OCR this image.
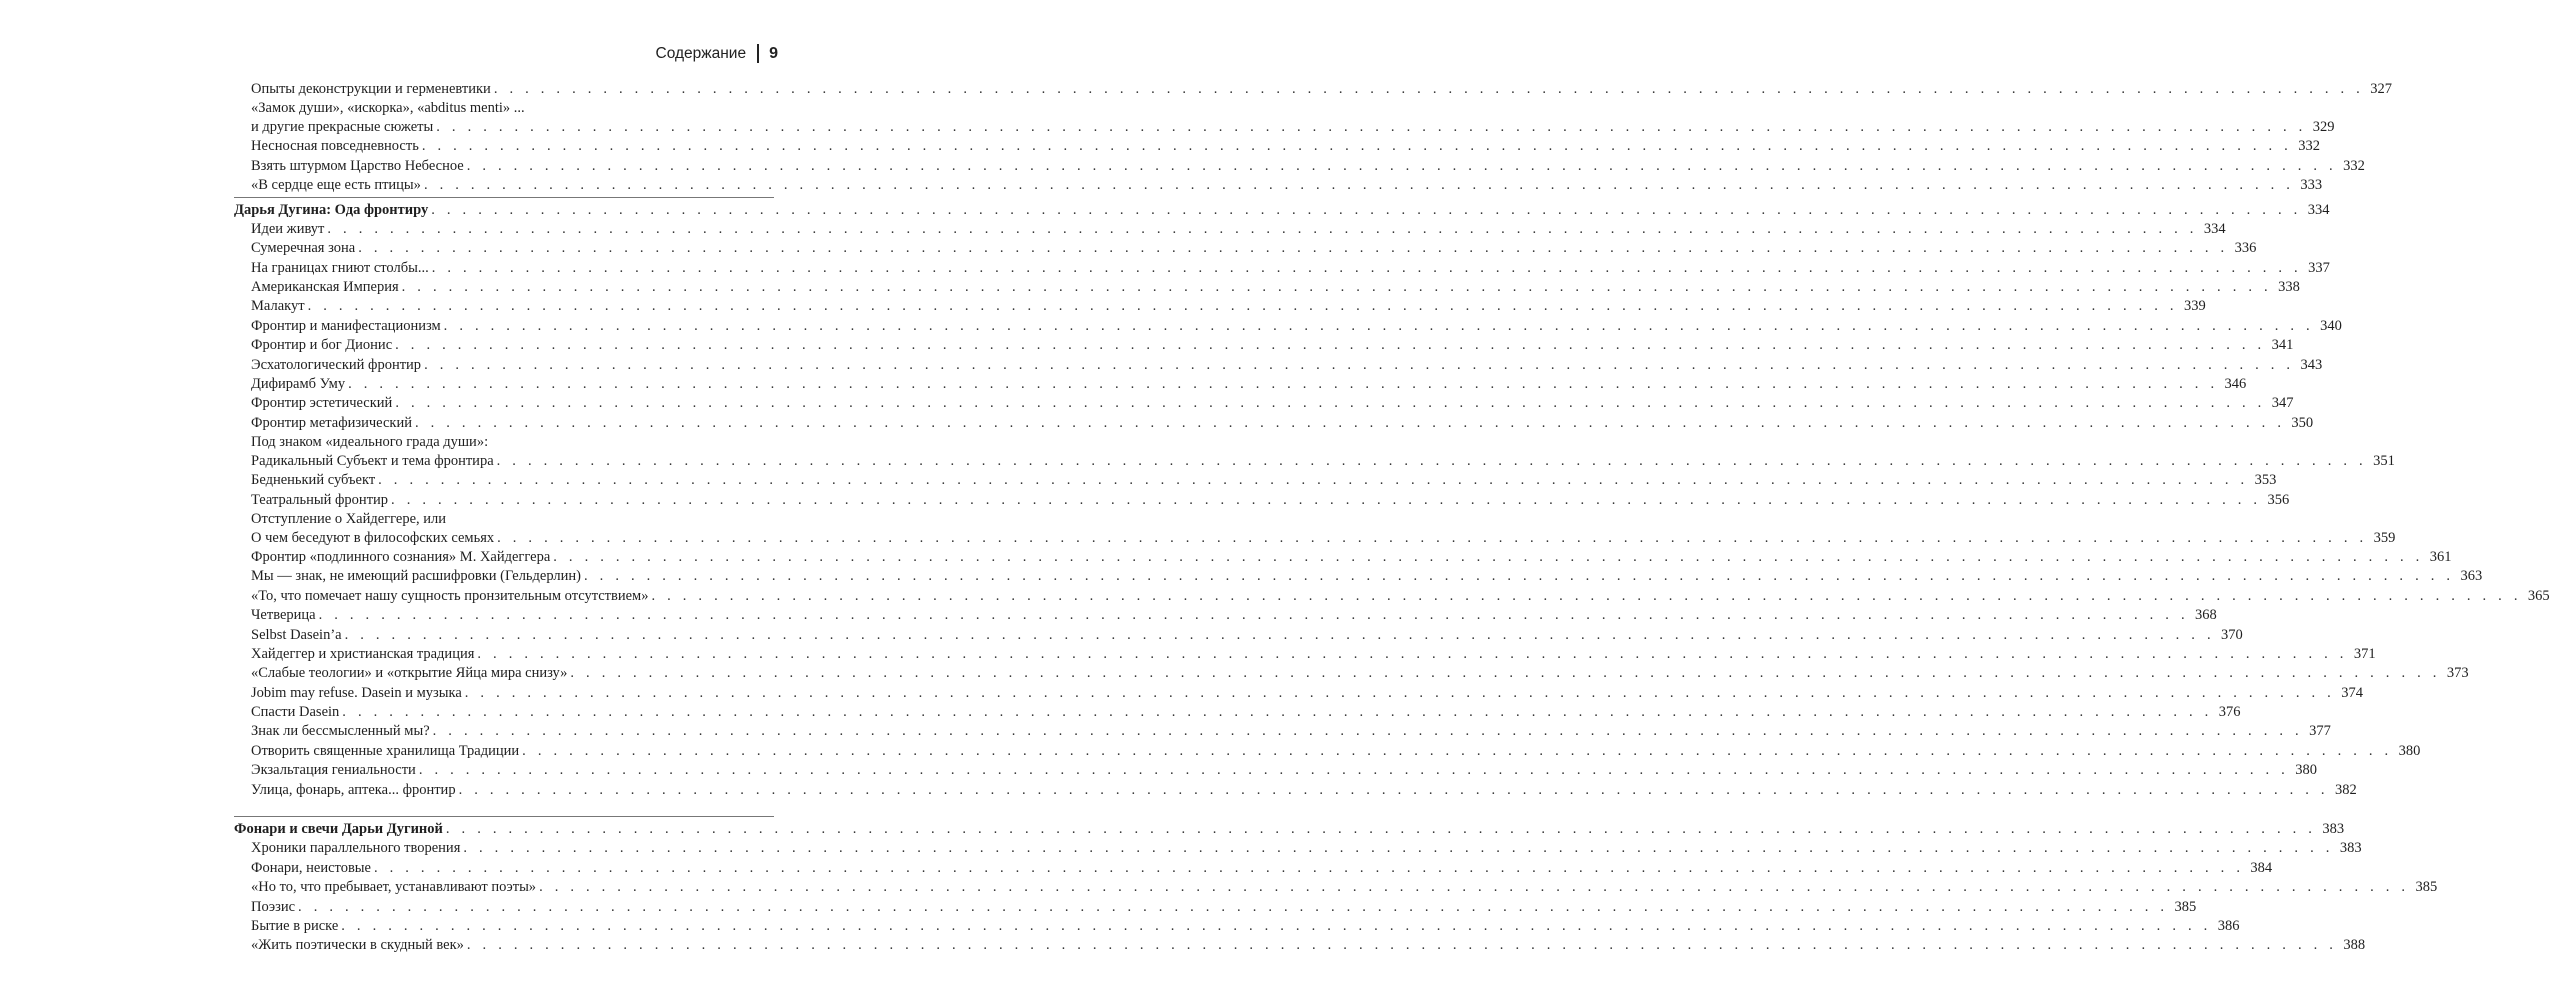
Содержание 9
Опыты деконструкции и герменевтики . . . . . . . . . . . . . . . . . . . . . . . . . . . . . . . . . . . . . . . . . . . . . . . . . . . . . . . . . . . . . . . . . . . . . . . . . . . . . . . . . . . . . . . . . . . . . . . . . . . . . . . . . . . . . . . . . . . . . . . . 327
«Замок души», «искорка», «abditus menti» ...
и другие прекрасные сюжеты . . . . . . . . . . . . . . . . . . . . . . . . . . . . . . . . . . . . . . . . . . . . . . . . . . . . . . . . . . . . . . . . . . . . . . . . . . . . . . . . . . . . . . . . . . . . . . . . . . . . . . . . . . . . . . . . . . . . . . . . 329
Несносная повседневность . . . . . . . . . . . . . . . . . . . . . . . . . . . . . . . . . . . . . . . . . . . . . . . . . . . . . . . . . . . . . . . . . . . . . . . . . . . . . . . . . . . . . . . . . . . . . . . . . . . . . . . . . . . . . . . . . . . . . . . . 332
Взять штурмом Царство Небесное . . . . . . . . . . . . . . . . . . . . . . . . . . . . . . . . . . . . . . . . . . . . . . . . . . . . . . . . . . . . . . . . . . . . . . . . . . . . . . . . . . . . . . . . . . . . . . . . . . . . . . . . . . . . . . . . . . . . . . . . 332
«В сердце еще есть птицы» . . . . . . . . . . . . . . . . . . . . . . . . . . . . . . . . . . . . . . . . . . . . . . . . . . . . . . . . . . . . . . . . . . . . . . . . . . . . . . . . . . . . . . . . . . . . . . . . . . . . . . . . . . . . . . . . . . . . . . . . 333
Дарья Дугина: Ода фронтиру . . . . . . . . . . . . . . . . . . . . . . . . . . . . . . . . . . . . . . . . . . . . . . . . . . . . . . . . . . . . . . . . . . . . . . . . . . . . . . . . . . . . . . . . . . . . . . . . . . . . . . . . . . . . . . . . . . . . . . . . 334
Идеи живут . . . . . . . . . . . . . . . . . . . . . . . . . . . . . . . . . . . . . . . . . . . . . . . . . . . . . . . . . . . . . . . . . . . . . . . . . . . . . . . . . . . . . . . . . . . . . . . . . . . . . . . . . . . . . . . . . . . . . . . . 334
Сумеречная зона . . . . . . . . . . . . . . . . . . . . . . . . . . . . . . . . . . . . . . . . . . . . . . . . . . . . . . . . . . . . . . . . . . . . . . . . . . . . . . . . . . . . . . . . . . . . . . . . . . . . . . . . . . . . . . . . . . . . . . . . 336
На границах гниют столбы... . . . . . . . . . . . . . . . . . . . . . . . . . . . . . . . . . . . . . . . . . . . . . . . . . . . . . . . . . . . . . . . . . . . . . . . . . . . . . . . . . . . . . . . . . . . . . . . . . . . . . . . . . . . . . . . . . . . . . . . . 337
Американская Империя . . . . . . . . . . . . . . . . . . . . . . . . . . . . . . . . . . . . . . . . . . . . . . . . . . . . . . . . . . . . . . . . . . . . . . . . . . . . . . . . . . . . . . . . . . . . . . . . . . . . . . . . . . . . . . . . . . . . . . . . 338
Малакут . . . . . . . . . . . . . . . . . . . . . . . . . . . . . . . . . . . . . . . . . . . . . . . . . . . . . . . . . . . . . . . . . . . . . . . . . . . . . . . . . . . . . . . . . . . . . . . . . . . . . . . . . . . . . . . . . . . . . . . . 339
Фронтир и манифестационизм . . . . . . . . . . . . . . . . . . . . . . . . . . . . . . . . . . . . . . . . . . . . . . . . . . . . . . . . . . . . . . . . . . . . . . . . . . . . . . . . . . . . . . . . . . . . . . . . . . . . . . . . . . . . . . . . . . . . . . . . 340
Фронтир и бог Дионис . . . . . . . . . . . . . . . . . . . . . . . . . . . . . . . . . . . . . . . . . . . . . . . . . . . . . . . . . . . . . . . . . . . . . . . . . . . . . . . . . . . . . . . . . . . . . . . . . . . . . . . . . . . . . . . . . . . . . . . . 341
Эсхатологический фронтир . . . . . . . . . . . . . . . . . . . . . . . . . . . . . . . . . . . . . . . . . . . . . . . . . . . . . . . . . . . . . . . . . . . . . . . . . . . . . . . . . . . . . . . . . . . . . . . . . . . . . . . . . . . . . . . . . . . . . . . . 343
Дифирамб Уму . . . . . . . . . . . . . . . . . . . . . . . . . . . . . . . . . . . . . . . . . . . . . . . . . . . . . . . . . . . . . . . . . . . . . . . . . . . . . . . . . . . . . . . . . . . . . . . . . . . . . . . . . . . . . . . . . . . . . . . . 346
Фронтир эстетический . . . . . . . . . . . . . . . . . . . . . . . . . . . . . . . . . . . . . . . . . . . . . . . . . . . . . . . . . . . . . . . . . . . . . . . . . . . . . . . . . . . . . . . . . . . . . . . . . . . . . . . . . . . . . . . . . . . . . . . . 347
Фронтир метафизический . . . . . . . . . . . . . . . . . . . . . . . . . . . . . . . . . . . . . . . . . . . . . . . . . . . . . . . . . . . . . . . . . . . . . . . . . . . . . . . . . . . . . . . . . . . . . . . . . . . . . . . . . . . . . . . . . . . . . . . . 350
Под знаком «идеального града души»:
Радикальный Субъект и тема фронтира . . . . . . . . . . . . . . . . . . . . . . . . . . . . . . . . . . . . . . . . . . . . . . . . . . . . . . . . . . . . . . . . . . . . . . . . . . . . . . . . . . . . . . . . . . . . . . . . . . . . . . . . . . . . . . . . . . . . . . . . 351
Бедненький субъект . . . . . . . . . . . . . . . . . . . . . . . . . . . . . . . . . . . . . . . . . . . . . . . . . . . . . . . . . . . . . . . . . . . . . . . . . . . . . . . . . . . . . . . . . . . . . . . . . . . . . . . . . . . . . . . . . . . . . . . . 353
Театральный фронтир . . . . . . . . . . . . . . . . . . . . . . . . . . . . . . . . . . . . . . . . . . . . . . . . . . . . . . . . . . . . . . . . . . . . . . . . . . . . . . . . . . . . . . . . . . . . . . . . . . . . . . . . . . . . . . . . . . . . . . . . 356
Отступление о Хайдеггере, или
О чем беседуют в философских семьях . . . . . . . . . . . . . . . . . . . . . . . . . . . . . . . . . . . . . . . . . . . . . . . . . . . . . . . . . . . . . . . . . . . . . . . . . . . . . . . . . . . . . . . . . . . . . . . . . . . . . . . . . . . . . . . . . . . . . . . . 359
Фронтир «подлинного сознания» М. Хайдеггера . . . . . . . . . . . . . . . . . . . . . . . . . . . . . . . . . . . . . . . . . . . . . . . . . . . . . . . . . . . . . . . . . . . . . . . . . . . . . . . . . . . . . . . . . . . . . . . . . . . . . . . . . . . . . . . . . . . . . . . . 361
Мы — знак, не имеющий расшифровки (Гельдерлин) . . . . . . . . . . . . . . . . . . . . . . . . . . . . . . . . . . . . . . . . . . . . . . . . . . . . . . . . . . . . . . . . . . . . . . . . . . . . . . . . . . . . . . . . . . . . . . . . . . . . . . . . . . . . . . . . . . . . . . . . 363
«То, что помечает нашу сущность пронзительным отсутствием» . . . . . . . . . . . . . . . . . . . . . . . . . . . . . . . . . . . . . . . . . . . . . . . . . . . . . . . . . . . . . . . . . . . . . . . . . . . . . . . . . . . . . . . . . . . . . . . . . . . . . . . . . . . . . . . . . . . . . . . . 365
Четверица . . . . . . . . . . . . . . . . . . . . . . . . . . . . . . . . . . . . . . . . . . . . . . . . . . . . . . . . . . . . . . . . . . . . . . . . . . . . . . . . . . . . . . . . . . . . . . . . . . . . . . . . . . . . . . . . . . . . . . . . 368
Selbst Dasein’a . . . . . . . . . . . . . . . . . . . . . . . . . . . . . . . . . . . . . . . . . . . . . . . . . . . . . . . . . . . . . . . . . . . . . . . . . . . . . . . . . . . . . . . . . . . . . . . . . . . . . . . . . . . . . . . . . . . . . . . . 370
Хайдеггер и христианская традиция . . . . . . . . . . . . . . . . . . . . . . . . . . . . . . . . . . . . . . . . . . . . . . . . . . . . . . . . . . . . . . . . . . . . . . . . . . . . . . . . . . . . . . . . . . . . . . . . . . . . . . . . . . . . . . . . . . . . . . . . 371
«Слабые теологии» и «открытие Яйца мира снизу» . . . . . . . . . . . . . . . . . . . . . . . . . . . . . . . . . . . . . . . . . . . . . . . . . . . . . . . . . . . . . . . . . . . . . . . . . . . . . . . . . . . . . . . . . . . . . . . . . . . . . . . . . . . . . . . . . . . . . . . . 373
Jobim may refuse. Dasein и музыка . . . . . . . . . . . . . . . . . . . . . . . . . . . . . . . . . . . . . . . . . . . . . . . . . . . . . . . . . . . . . . . . . . . . . . . . . . . . . . . . . . . . . . . . . . . . . . . . . . . . . . . . . . . . . . . . . . . . . . . . 374
Спасти Dasein . . . . . . . . . . . . . . . . . . . . . . . . . . . . . . . . . . . . . . . . . . . . . . . . . . . . . . . . . . . . . . . . . . . . . . . . . . . . . . . . . . . . . . . . . . . . . . . . . . . . . . . . . . . . . . . . . . . . . . . . 376
Знак ли бессмысленный мы? . . . . . . . . . . . . . . . . . . . . . . . . . . . . . . . . . . . . . . . . . . . . . . . . . . . . . . . . . . . . . . . . . . . . . . . . . . . . . . . . . . . . . . . . . . . . . . . . . . . . . . . . . . . . . . . . . . . . . . . . 377
Отворить священные хранилища Традиции . . . . . . . . . . . . . . . . . . . . . . . . . . . . . . . . . . . . . . . . . . . . . . . . . . . . . . . . . . . . . . . . . . . . . . . . . . . . . . . . . . . . . . . . . . . . . . . . . . . . . . . . . . . . . . . . . . . . . . . . 380
Экзальтация гениальности . . . . . . . . . . . . . . . . . . . . . . . . . . . . . . . . . . . . . . . . . . . . . . . . . . . . . . . . . . . . . . . . . . . . . . . . . . . . . . . . . . . . . . . . . . . . . . . . . . . . . . . . . . . . . . . . . . . . . . . . 380
Улица, фонарь, аптека... фронтир . . . . . . . . . . . . . . . . . . . . . . . . . . . . . . . . . . . . . . . . . . . . . . . . . . . . . . . . . . . . . . . . . . . . . . . . . . . . . . . . . . . . . . . . . . . . . . . . . . . . . . . . . . . . . . . . . . . . . . . . 382
Фонари и свечи Дарьи Дугиной . . . . . . . . . . . . . . . . . . . . . . . . . . . . . . . . . . . . . . . . . . . . . . . . . . . . . . . . . . . . . . . . . . . . . . . . . . . . . . . . . . . . . . . . . . . . . . . . . . . . . . . . . . . . . . . . . . . . . . . . 383
Хроники параллельного творения . . . . . . . . . . . . . . . . . . . . . . . . . . . . . . . . . . . . . . . . . . . . . . . . . . . . . . . . . . . . . . . . . . . . . . . . . . . . . . . . . . . . . . . . . . . . . . . . . . . . . . . . . . . . . . . . . . . . . . . . 383
Фонари, неистовые . . . . . . . . . . . . . . . . . . . . . . . . . . . . . . . . . . . . . . . . . . . . . . . . . . . . . . . . . . . . . . . . . . . . . . . . . . . . . . . . . . . . . . . . . . . . . . . . . . . . . . . . . . . . . . . . . . . . . . . . 384
«Но то, что пребывает, устанавливают поэты» . . . . . . . . . . . . . . . . . . . . . . . . . . . . . . . . . . . . . . . . . . . . . . . . . . . . . . . . . . . . . . . . . . . . . . . . . . . . . . . . . . . . . . . . . . . . . . . . . . . . . . . . . . . . . . . . . . . . . . . . 385
Поэзис . . . . . . . . . . . . . . . . . . . . . . . . . . . . . . . . . . . . . . . . . . . . . . . . . . . . . . . . . . . . . . . . . . . . . . . . . . . . . . . . . . . . . . . . . . . . . . . . . . . . . . . . . . . . . . . . . . . . . . . . 385
Бытие в риске . . . . . . . . . . . . . . . . . . . . . . . . . . . . . . . . . . . . . . . . . . . . . . . . . . . . . . . . . . . . . . . . . . . . . . . . . . . . . . . . . . . . . . . . . . . . . . . . . . . . . . . . . . . . . . . . . . . . . . . . 386
«Жить поэтически в скудный век» . . . . . . . . . . . . . . . . . . . . . . . . . . . . . . . . . . . . . . . . . . . . . . . . . . . . . . . . . . . . . . . . . . . . . . . . . . . . . . . . . . . . . . . . . . . . . . . . . . . . . . . . . . . . . . . . . . . . . . . . 388
